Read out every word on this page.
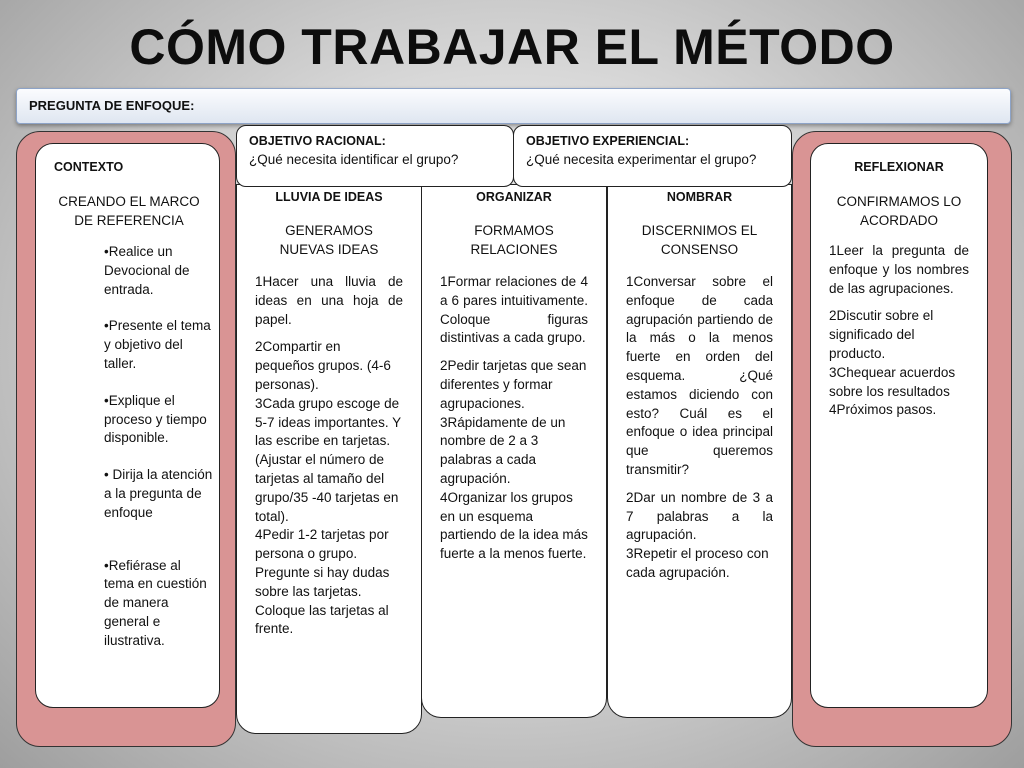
CÓMO TRABAJAR EL MÉTODO
PREGUNTA DE ENFOQUE:
CONTEXTO
CREANDO EL MARCO DE REFERENCIA
•Realice un Devocional de entrada.
•Presente el tema y objetivo del taller.
•Explique el proceso y tiempo disponible.
• Dirija la atención a la pregunta de enfoque
•Refiérase al tema en cuestión de manera general e ilustrativa.
LLUVIA DE IDEAS
GENERAMOS NUEVAS IDEAS

1Hacer una lluvia de ideas en una hoja de papel.

2Compartir en pequeños grupos. (4-6 personas).

3Cada grupo escoge de 5-7 ideas importantes. Y las escribe en tarjetas. (Ajustar el número de tarjetas al tamaño del grupo/35 -40 tarjetas en total).

4Pedir 1-2 tarjetas por persona o grupo. Pregunte si hay dudas sobre las tarjetas. Coloque las tarjetas al frente.

ORGANIZAR
FORMAMOS RELACIONES

1Formar relaciones de 4 a 6 pares intuitivamente. Coloque figuras distintivas a cada grupo.

2Pedir tarjetas que sean diferentes y formar agrupaciones.

3Rápidamente de un nombre de 2 a 3 palabras a cada agrupación.

4Organizar los grupos en un esquema partiendo de la idea más fuerte a la menos fuerte.

NOMBRAR
DISCERNIMOS EL CONSENSO

1Conversar sobre el enfoque de cada agrupación partiendo de la más o la menos fuerte en orden del esquema. ¿Qué estamos diciendo con esto? Cuál es el enfoque o idea principal que queremos transmitir?

2Dar un nombre de 3 a 7 palabras a la agrupación.

3Repetir el proceso con cada agrupación.

OBJETIVO RACIONAL:
¿Qué necesita identificar el grupo?
OBJETIVO EXPERIENCIAL:
¿Qué necesita experimentar el grupo?	REFLEXIONAR
CONFIRMAMOS LO ACORDADO

1Leer la pregunta de enfoque y los nombres de las agrupaciones.

2Discutir sobre el significado del producto.

3Chequear acuerdos sobre los resultados

4Próximos pasos.
